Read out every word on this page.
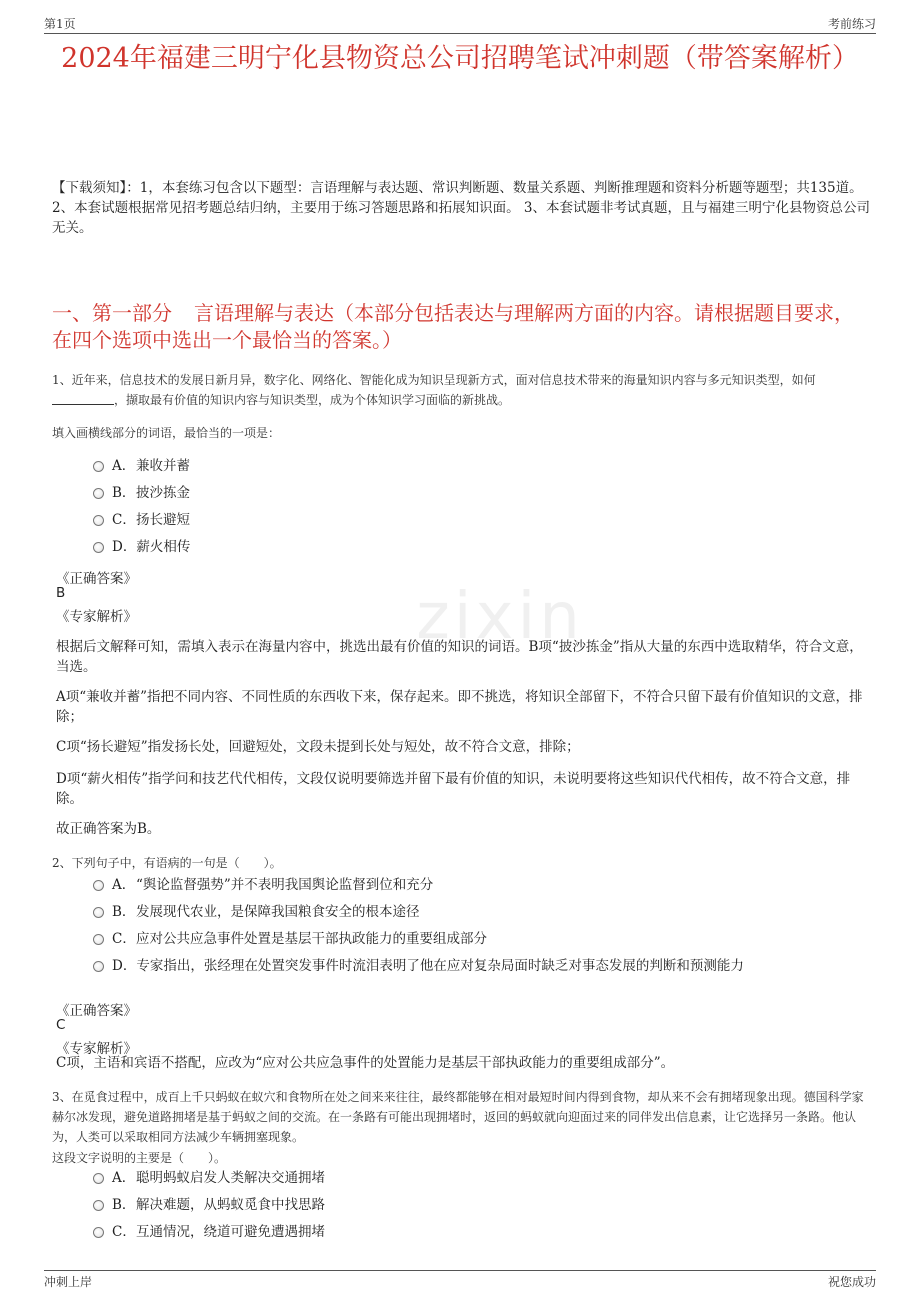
第1页	考前练习
zixin
2024年福建三明宁化县物资总公司招聘笔试冲刺题（带答案解析）
【下载须知】：1，本套练习包含以下题型：言语理解与表达题、常识判断题、数量关系题、判断推理题和资料分析题等题型；共135道。 2、本套试题根据常见招考题总结归纳，主要用于练习答题思路和拓展知识面。 3、本套试题非考试真题，且与福建三明宁化县物资总公司无关。
一、第一部分 言语理解与表达（本部分包括表达与理解两方面的内容。请根据题目要求，在四个选项中选出一个最恰当的答案。）
1、近年来，信息技术的发展日新月异，数字化、网络化、智能化成为知识呈现新方式，面对信息技术带来的海量知识内容与多元知识类型，如何，撷取最有价值的知识内容与知识类型，成为个体知识学习面临的新挑战。
填入画横线部分的词语，最恰当的一项是：
A．兼收并蓄
B．披沙拣金
C．扬长避短
D．薪火相传
《正确答案》
B
《专家解析》
根据后文解释可知，需填入表示在海量内容中，挑选出最有价值的知识的词语。B项“披沙拣金”指从大量的东西中选取精华，符合文意，当选。
A项“兼收并蓄”指把不同内容、不同性质的东西收下来，保存起来。即不挑选，将知识全部留下，不符合只留下最有价值知识的文意，排除；
C项“扬长避短”指发扬长处，回避短处，文段未提到长处与短处，故不符合文意，排除；
D项“薪火相传”指学问和技艺代代相传，文段仅说明要筛选并留下最有价值的知识，未说明要将这些知识代代相传，故不符合文意，排除。
故正确答案为B。
2、下列句子中，有语病的一句是（　　）。
A．“舆论监督强势”并不表明我国舆论监督到位和充分
B．发展现代农业，是保障我国粮食安全的根本途径
C．应对公共应急事件处置是基层干部执政能力的重要组成部分
D．专家指出，张经理在处置突发事件时流泪表明了他在应对复杂局面时缺乏对事态发展的判断和预测能力
《正确答案》
C
《专家解析》
C项，主语和宾语不搭配，应改为“应对公共应急事件的处置能力是基层干部执政能力的重要组成部分”。
3、在觅食过程中，成百上千只蚂蚁在蚁穴和食物所在处之间来来往往，最终都能够在相对最短时间内得到食物，却从来不会有拥堵现象出现。德国科学家赫尔冰发现，避免道路拥堵是基于蚂蚁之间的交流。在一条路有可能出现拥堵时，返回的蚂蚁就向迎面过来的同伴发出信息素，让它选择另一条路。他认为，人类可以采取相同方法减少车辆拥塞现象。
这段文字说明的主要是（　　）。
A．聪明蚂蚁启发人类解决交通拥堵
B．解决难题，从蚂蚁觅食中找思路
C．互通情况，绕道可避免遭遇拥堵
冲刺上岸	祝您成功
